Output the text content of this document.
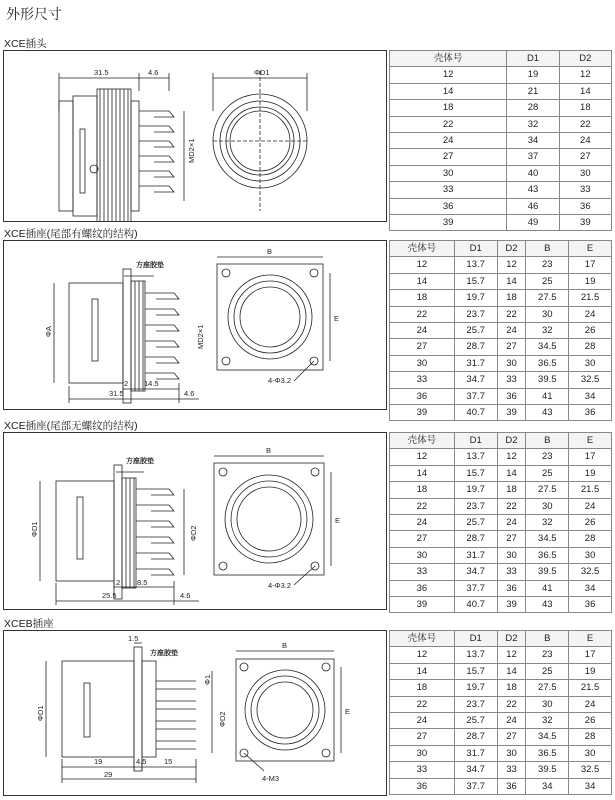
外形尺寸
XCE插头
31.5	4.6	ΦD1
MD2×1
壳体号	D1	D2
12	19	12
14	21	14
18	28	18
22	32	22
24	34	24
27	37	27
30	40	30
33	43	33
36	46	36
39	49	39
XCE插座(尾部有螺纹的结构)
方座胶垫
ΦA	MD2×1
2 14.5
31.5	4.6
B
E
4-Φ3.2
壳体号	D1	D2	B	E
12	13.7	12	23	17
14	15.7	14	25	19
18	19.7	18	27.5	21.5
22	23.7	22	30	24
24	25.7	24	32	26
27	28.7	27	34.5	28
30	31.7	30	36.5	30
33	34.7	33	39.5	32.5
36	37.7	36	41	34
39	40.7	39	43	36
XCE插座(尾部无螺纹的结构)
方座胶垫
ΦD1	ΦD2
2 8.5
25.5	4.6
B
E
4-Φ3.2
壳体号	D1	D2	B	E
12	13.7	12	23	17
14	15.7	14	25	19
18	19.7	18	27.5	21.5
22	23.7	22	30	24
24	25.7	24	32	26
27	28.7	27	34.5	28
30	31.7	30	36.5	30
33	34.7	33	39.5	32.5
36	37.7	36	41	34
39	40.7	39	43	36
XCEB插座
1.5
方座胶垫
ΦD1	ΦD2
Φ1
19	4.5 15
29
B
E
4-M3
壳体号	D1	D2	B	E
12	13.7	12	23	17
14	15.7	14	25	19
18	19.7	18	27.5	21.5
22	23.7	22	30	24
24	25.7	24	32	26
27	28.7	27	34.5	28
30	31.7	30	36.5	30
33	34.7	33	39.5	32.5
36	37.7	36	34	34
